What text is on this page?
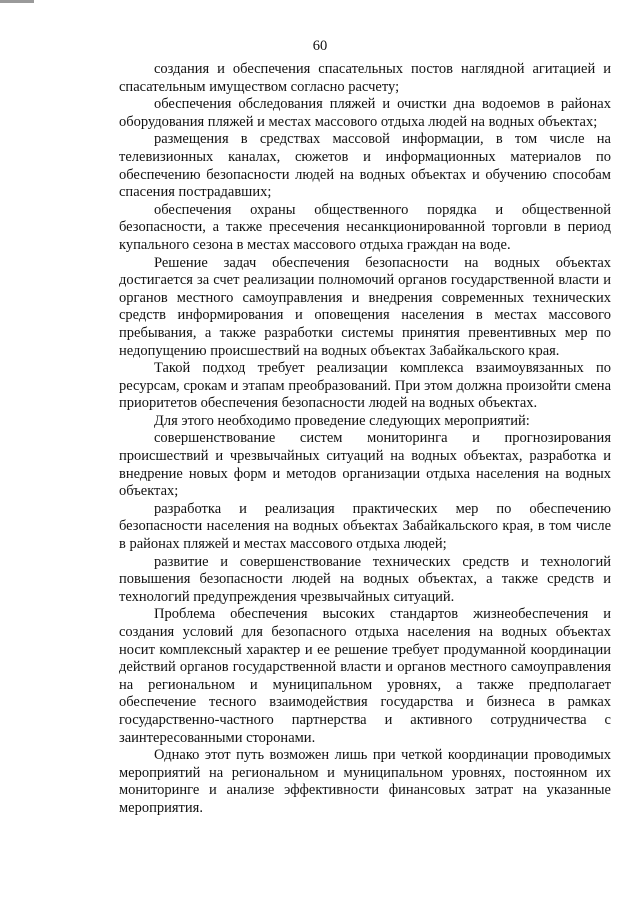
60

создания и обеспечения спасательных постов наглядной агитацией и спасательным имуществом согласно расчету;

обеспечения обследования пляжей и очистки дна водоемов в районах оборудования пляжей и местах массового отдыха людей на водных объектах;

размещения в средствах массовой информации, в том числе на телевизионных каналах, сюжетов и информационных материалов по обеспечению безопасности людей на водных объектах и обучению способам спасения пострадавших;

обеспечения охраны общественного порядка и общественной безопасности, а также пресечения несанкционированной торговли в период купального сезона в местах массового отдыха граждан на воде.

Решение задач обеспечения безопасности на водных объектах достигается за счет реализации полномочий органов государственной власти и органов местного самоуправления и внедрения современных технических средств информирования и оповещения населения в местах массового пребывания, а также разработки системы принятия превентивных мер по недопущению происшествий на водных объектах Забайкальского края.

Такой подход требует реализации комплекса взаимоувязанных по ресурсам, срокам и этапам преобразований. При этом должна произойти смена приоритетов обеспечения безопасности людей на водных объектах.

Для этого необходимо проведение следующих мероприятий:

совершенствование систем мониторинга и прогнозирования происшествий и чрезвычайных ситуаций на водных объектах, разработка и внедрение новых форм и методов организации отдыха населения на водных объектах;

разработка и реализация практических мер по обеспечению безопасности населения на водных объектах Забайкальского края, в том числе в районах пляжей и местах массового отдыха людей;

развитие и совершенствование технических средств и технологий повышения безопасности людей на водных объектах, а также средств и технологий предупреждения чрезвычайных ситуаций.

Проблема обеспечения высоких стандартов жизнеобеспечения и создания условий для безопасного отдыха населения на водных объектах носит комплексный характер и ее решение требует продуманной координации действий органов государственной власти и органов местного самоуправления на региональном и муниципальном уровнях, а также предполагает обеспечение тесного взаимодействия государства и бизнеса в рамках государственно-частного партнерства и активного сотрудничества с заинтересованными сторонами.

Однако этот путь возможен лишь при четкой координации проводимых мероприятий на региональном и муниципальном уровнях, постоянном их мониторинге и анализе эффективности финансовых затрат на указанные мероприятия.
